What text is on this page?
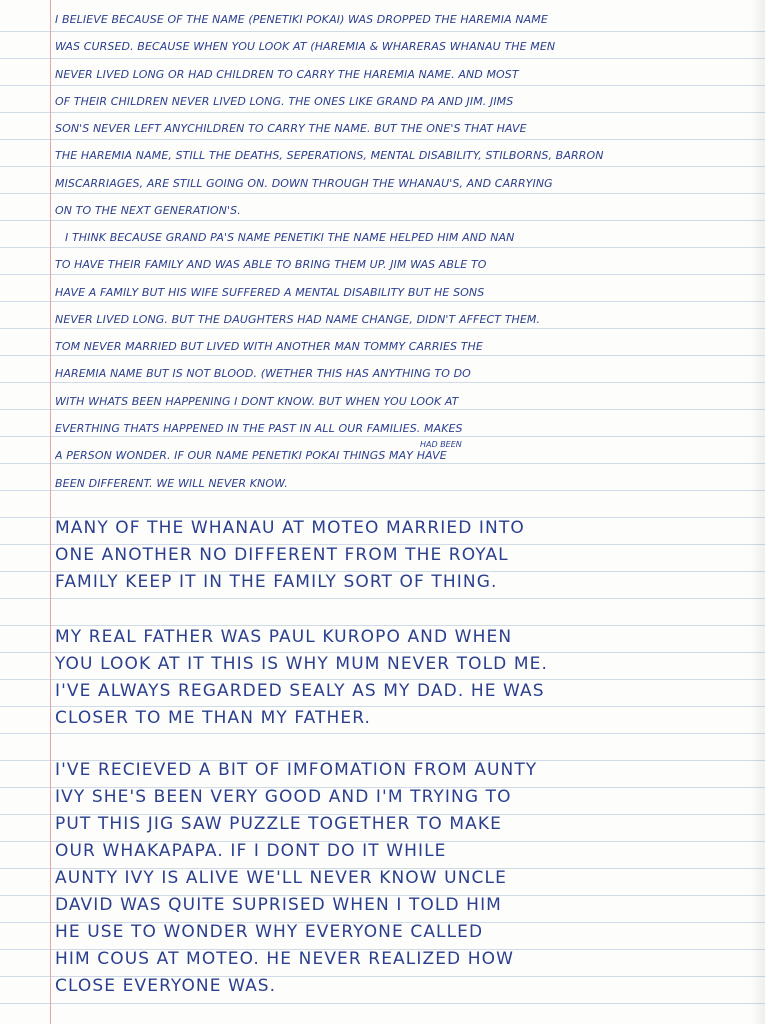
I BELIEVE BECAUSE OF THE NAME (PENETIKI POKAI) WAS DROPPED THE HAREMIA NAME
WAS CURSED. BECAUSE WHEN YOU LOOK AT (HAREMIA & WHARERAS WHANAU THE MEN
NEVER LIVED LONG OR HAD CHILDREN TO CARRY THE HAREMIA NAME. AND MOST
OF THEIR CHILDREN NEVER LIVED LONG. THE ONES LIKE GRAND PA AND JIM. JIMS
SON'S NEVER LEFT ANYCHILDREN TO CARRY THE NAME. BUT THE ONE'S THAT HAVE
THE HAREMIA NAME, STILL THE DEATHS, SEPERATIONS, MENTAL DISABILITY, STILBORNS, BARRON
MISCARRIAGES, ARE STILL GOING ON. DOWN THROUGH THE WHANAU'S, AND CARRYING
ON TO THE NEXT GENERATION'S.
I THINK BECAUSE GRAND PA'S NAME PENETIKI THE NAME HELPED HIM AND NAN
TO HAVE THEIR FAMILY AND WAS ABLE TO BRING THEM UP. JIM WAS ABLE TO
HAVE A FAMILY BUT HIS WIFE SUFFERED A MENTAL DISABILITY BUT HE SONS
NEVER LIVED LONG. BUT THE DAUGHTERS HAD NAME CHANGE, DIDN'T AFFECT THEM.
TOM NEVER MARRIED BUT LIVED WITH ANOTHER MAN TOMMY CARRIES THE
HAREMIA NAME BUT IS NOT BLOOD. (WETHER THIS HAS ANYTHING TO DO
WITH WHATS BEEN HAPPENING I DONT KNOW. BUT WHEN YOU LOOK AT
EVERTHING THATS HAPPENED IN THE PAST IN ALL OUR FAMILIES. MAKES
A PERSON WONDER. IF OUR NAME PENETIKI POKAI THINGS MAY HAVE
BEEN DIFFERENT. WE WILL NEVER KNOW.
HAD BEEN
MANY OF THE WHANAU AT MOTEO MARRIED INTO
ONE ANOTHER NO DIFFERENT FROM THE ROYAL
FAMILY KEEP IT IN THE FAMILY SORT OF THING.
MY REAL FATHER WAS PAUL KUROPO AND WHEN
YOU LOOK AT IT THIS IS WHY MUM NEVER TOLD ME.
I'VE ALWAYS REGARDED SEALY AS MY DAD. HE WAS
CLOSER TO ME THAN MY FATHER.
I'VE RECIEVED A BIT OF IMFOMATION FROM AUNTY
IVY SHE'S BEEN VERY GOOD AND I'M TRYING TO
PUT THIS JIG SAW PUZZLE TOGETHER TO MAKE
OUR WHAKAPAPA. IF I DONT DO IT WHILE
AUNTY IVY IS ALIVE WE'LL NEVER KNOW UNCLE
DAVID WAS QUITE SUPRISED WHEN I TOLD HIM
HE USE TO WONDER WHY EVERYONE CALLED
HIM COUS AT MOTEO. HE NEVER REALIZED HOW
CLOSE EVERYONE WAS.
